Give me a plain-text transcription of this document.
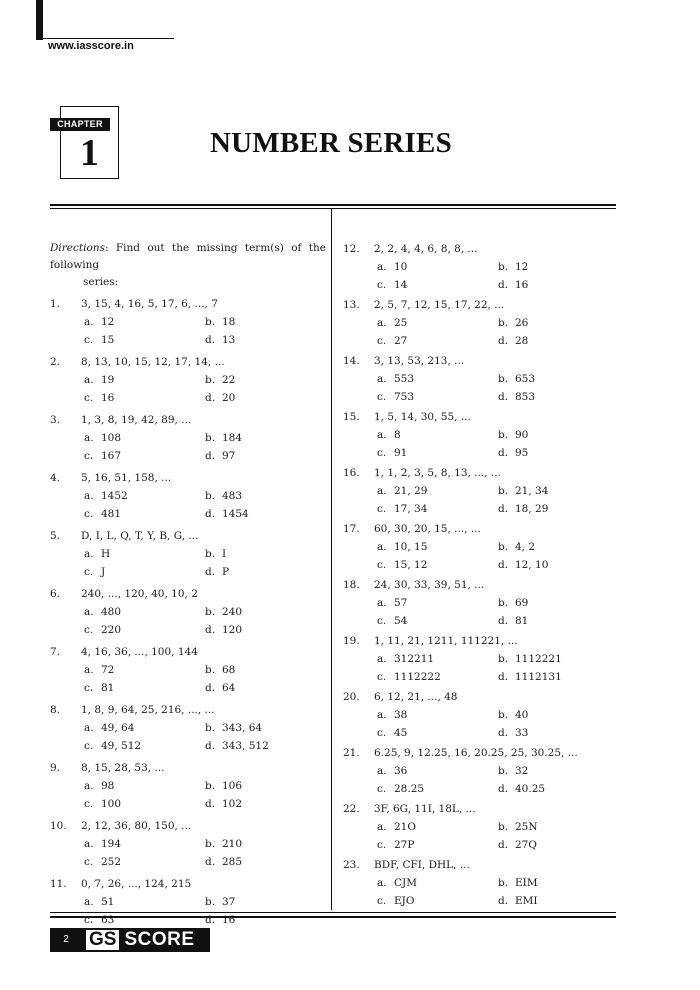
www.iasscore.in
CHAPTER
1	NUMBER SERIES
Directions: Find out the missing term(s) of the following
series:
1.	3, 15, 4, 16, 5, 17, 6, ..., 7
a. 12	b. 18
c. 15	d. 13
2.	8, 13, 10, 15, 12, 17, 14, ...
a. 19	b. 22
c. 16	d. 20
3.	1, 3, 8, 19, 42, 89, ...
a. 108	b. 184
c. 167	d. 97
4.	5, 16, 51, 158, ...
a. 1452	b. 483
c. 481	d. 1454
5.	D, I, L, Q, T, Y, B, G, ...
a. H	b. I
c. J	d. P
6.	240, ..., 120, 40, 10, 2
a. 480	b. 240
c. 220	d. 120
7.	4, 16, 36, ..., 100, 144
a. 72	b. 68
c. 81	d. 64
8.	1, 8, 9, 64, 25, 216, ..., ...
a. 49, 64	b. 343, 64
c. 49, 512	d. 343, 512
9.	8, 15, 28, 53, ...
a. 98	b. 106
c. 100	d. 102
10.	2, 12, 36, 80, 150, ...
a. 194	b. 210
c. 252	d. 285
11.	0, 7, 26, ..., 124, 215
a. 51	b. 37
c. 63	d. 16
12.	2, 2, 4, 4, 6, 8, 8, ...
a. 10	b. 12
c. 14	d. 16
13.	2, 5, 7, 12, 15, 17, 22, ...
a. 25	b. 26
c. 27	d. 28
14.	3, 13, 53, 213, ...
a. 553	b. 653
c. 753	d. 853
15.	1, 5, 14, 30, 55, ...
a. 8	b. 90
c. 91	d. 95
16.	1, 1, 2, 3, 5, 8, 13, ..., ...
a. 21, 29	b. 21, 34
c. 17, 34	d. 18, 29
17.	60, 30, 20, 15, ..., ...
a. 10, 15	b. 4, 2
c. 15, 12	d. 12, 10
18.	24, 30, 33, 39, 51, ...
a. 57	b. 69
c. 54	d. 81
19.	1, 11, 21, 1211, 111221, ...
a. 312211	b. 1112221
c. 1112222	d. 1112131
20.	6, 12, 21, ..., 48
a. 38	b. 40
c. 45	d. 33
21.	6.25, 9, 12.25, 16, 20.25, 25, 30.25, ...
a. 36	b. 32
c. 28.25	d. 40.25
22.	3F, 6G, 11I, 18L, ...
a. 21O	b. 25N
c. 27P	d. 27Q
23.	BDF, CFI, DHL, ...
a. CJM	b. EIM
c. EJO	d. EMI
2	GS SCORE
